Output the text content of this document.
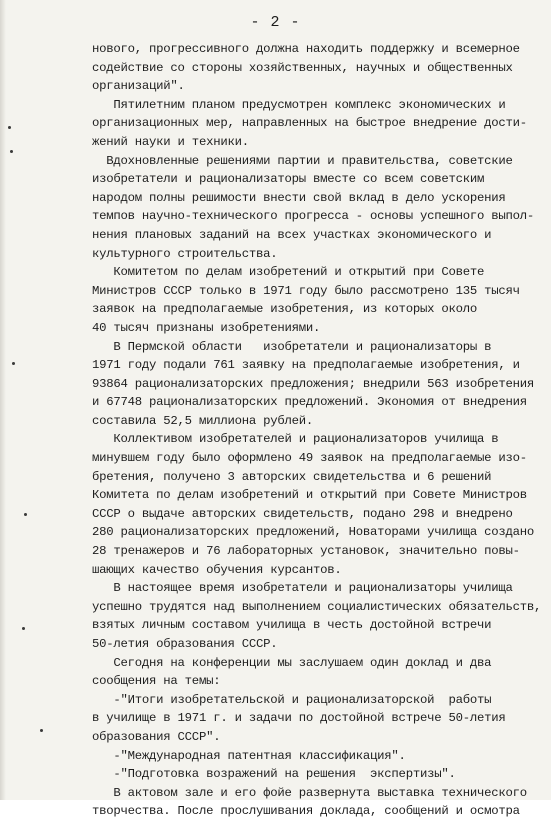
- 2 -
нового, прогрессивного должна находить поддержку и всемерное
содействие со стороны хозяйственных, научных и общественных
организаций".
Пятилетним планом предусмотрен комплекс экономических и
организационных мер, направленных на быстрое внедрение дости-
жений науки и техники.
Вдохновленные решениями партии и правительства, советские
изобретатели и рационализаторы вместе со всем советским
народом полны решимости внести свой вклад в дело ускорения
темпов научно-технического прогресса - основы успешного выпол-
нения плановых заданий на всех участках экономического и
культурного строительства.
Комитетом по делам изобретений и открытий при Совете
Министров СССР только в 1971 году было рассмотрено 135 тысяч
заявок на предполагаемые изобретения, из которых около
40 тысяч признаны изобретениями.
В Пермской области   изобретатели и рационализаторы в
1971 году подали 761 заявку на предполагаемые изобретения, и
93864 рационализаторских предложения; внедрили 563 изобретения
и 67748 рационализаторских предложений. Экономия от внедрения
составила 52,5 миллиона рублей.
Коллективом изобретателей и рационализаторов училища в
минувшем году было оформлено 49 заявок на предполагаемые изо-
бретения, получено 3 авторских свидетельства и 6 решений
Комитета по делам изобретений и открытий при Совете Министров
СССР о выдаче авторских свидетельств, подано 298 и внедрено
280 рационализаторских предложений, Новаторами училища создано
28 тренажеров и 76 лабораторных установок, значительно повы-
шающих качество обучения курсантов.
В настоящее время изобретатели и рационализаторы училища
успешно трудятся над выполнением социалистических обязательств,
взятых личным составом училища в честь достойной встречи
50-летия образования СССР.
Сегодня на конференции мы заслушаем один доклад и два
сообщения на темы:
-"Итоги изобретательской и рационализаторской  работы
в училище в 1971 г. и задачи по достойной встрече 50-летия
образования СССР".
-"Международная патентная классификация".
-"Подготовка возражений на решения  экспертизы".
В актовом зале и его фойе развернута выставка технического
творчества. После прослушивания доклада, сообщений и осмотра
